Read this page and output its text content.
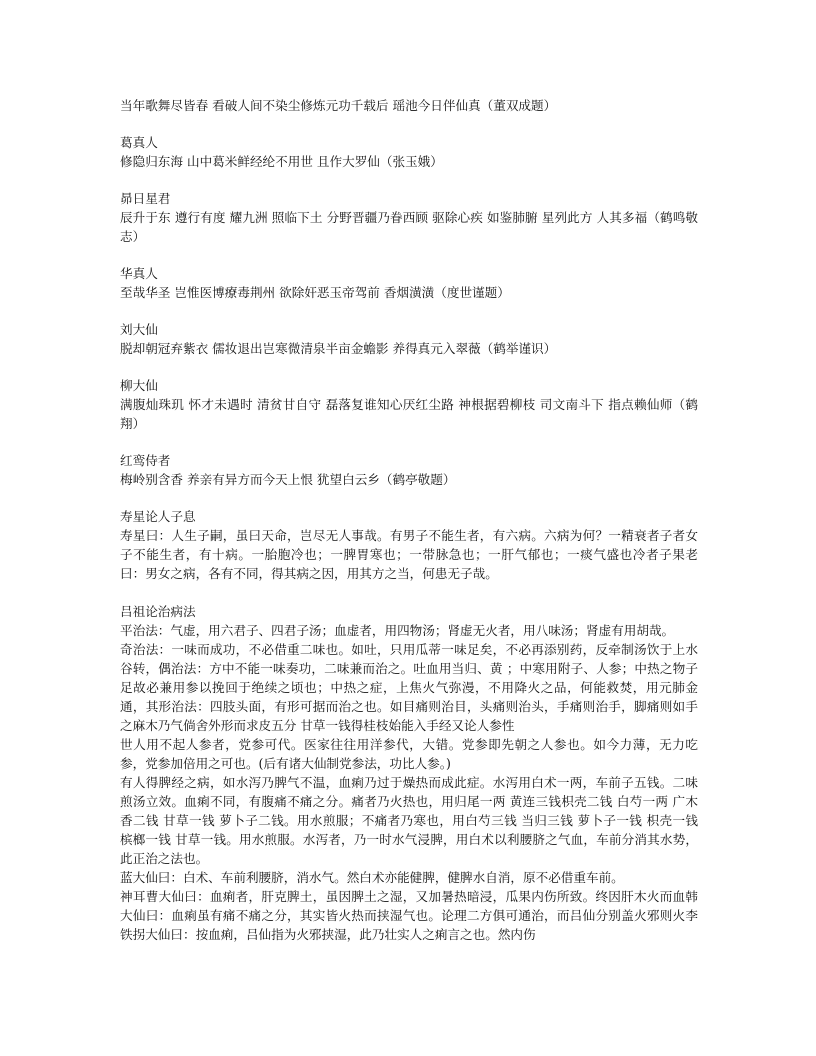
当年歌舞尽皆春 看破人间不染尘修炼元功千载后 瑶池今日伴仙真（董双成题）
葛真人
修隐归东海 山中葛米鲜经纶不用世 且作大罗仙（张玉娥）
昴日星君
辰升于东 遵行有度 耀九洲 照临下土 分野晋疆乃眷西顾 驱除心疾 如鉴肺腑 星列此方 人其多福（鹤鸣敬志）
华真人
至哉华圣 岂惟医博療毒荆州 欲除奸恶玉帝驾前 香烟潢潢（度世谨题）
刘大仙
脱却朝冠弃紫衣 儒妆退出岂寒微清泉半亩金蟾影 养得真元入翠薇（鹤举谨识）
柳大仙
满腹灿珠玑 怀才未遇时 清贫甘自守 磊落复谁知心厌红尘路 神根据碧柳枝 司文南斗下 指点赖仙师（鹤 翔）
红鸾侍者
梅岭别含香 养亲有异方而今天上恨 犹望白云乡（鹤亭敬题）
寿星论人子息
寿星曰：人生子嗣，虽曰天命，岂尽无人事哉。有男子不能生者，有六病。六病为何？一精衰者子者女子不能生者，有十病。一胎胞冷也；一脾胃寒也；一带脉急也；一肝气郁也；一痰气盛也冷者子果老曰：男女之病，各有不同，得其病之因，用其方之当，何患无子哉。
吕祖论治病法
平治法：气虚，用六君子、四君子汤；血虚者，用四物汤；肾虚无火者，用八味汤；肾虚有用胡哉。
奇治法：一味而成功，不必借重二味也。如吐，只用瓜蒂一味足矣，不必再添别药，反牵制汤饮于上水谷转，偶治法：方中不能一味奏功，二味兼而治之。吐血用当归、黄 ；中寒用附子、人参；中热之物子足故必兼用参以挽回于绝续之顷也；中热之症，上焦火气弥漫，不用降火之品，何能救焚，用元肺金通，其形治法：四肢头面，有形可据而治之也。如目痛则治目，头痛则治头，手痛则治手，脚痛则如手之麻木乃气倘舍外形而求皮五分 甘草一钱得桂枝始能入手经又论人参性
世人用不起人参者，党参可代。医家往往用洋参代，大错。党参即先朝之人参也。如今力薄，无力吃参，党参加倍用之可也。(后有诸大仙制党参法，功比人参。)
有人得脾经之病，如水泻乃脾气不温，血痢乃过于燥热而成此症。水泻用白术一两，车前子五钱。二味煎汤立效。血痢不同，有腹痛不痛之分。痛者乃火热也，用归尾一两 黄连三钱枳壳二钱 白芍一两 广木香二钱 甘草一钱 萝卜子二钱。用水煎服；不痛者乃寒也，用白芍三钱 当归三钱 萝卜子一钱 枳壳一钱 槟榔一钱 甘草一钱。用水煎服。水泻者，乃一时水气浸脾，用白术以利腰脐之气血，车前分消其水势，此正治之法也。
蓝大仙曰：白术、车前利腰脐，消水气。然白术亦能健脾，健脾水自消，原不必借重车前。
神耳曹大仙曰：血痢者，肝克脾土，虽因脾土之湿，又加暑热暗浸，瓜果内伤所致。终因肝木火而血韩大仙曰：血痢虽有痛不痛之分，其实皆火热而挟湿气也。论理二方俱可通治，而吕仙分别盖火邪则火李铁拐大仙曰：按血痢，吕仙指为火邪挟湿，此乃壮实人之痢言之也。然内伤
